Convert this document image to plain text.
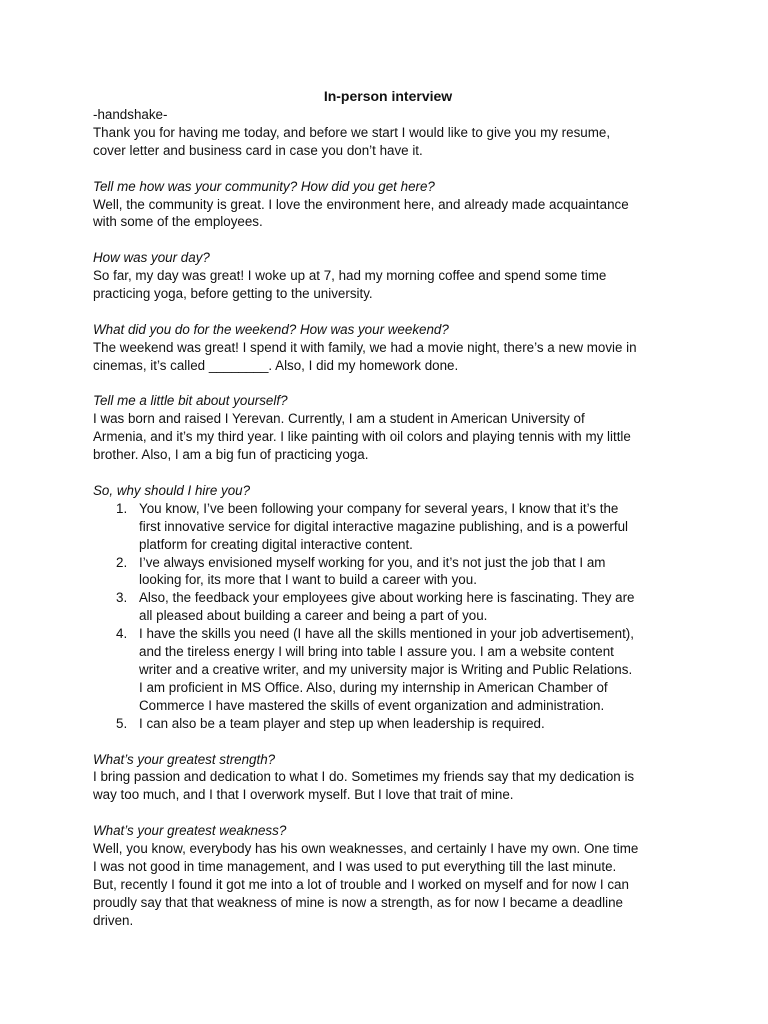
In-person interview

-handshake-

Thank you for having me today, and before we start I would like to give you my resume,
cover letter and business card in case you don’t have it.

Tell me how was your community? How did you get here?

Well, the community is great. I love the environment here, and already made acquaintance
with some of the employees.

How was your day?

So far, my day was great! I woke up at 7, had my morning coffee and spend some time
practicing yoga, before getting to the university.

What did you do for the weekend? How was your weekend?

The weekend was great! I spend it with family, we had a movie night, there’s a new movie in
cinemas, it’s called ________. Also, I did my homework done.

Tell me a little bit about yourself?

I was born and raised I Yerevan. Currently, I am a student in American University of
Armenia, and it’s my third year. I like painting with oil colors and playing tennis with my little
brother. Also, I am a big fun of practicing yoga.

So, why should I hire you?

1. You know, I’ve been following your company for several years, I know that it’s the
first innovative service for digital interactive magazine publishing, and is a powerful
platform for creating digital interactive content.

2. I’ve always envisioned myself working for you, and it’s not just the job that I am
looking for, its more that I want to build a career with you.

3. Also, the feedback your employees give about working here is fascinating. They are
all pleased about building a career and being a part of you.

4. I have the skills you need (I have all the skills mentioned in your job advertisement),
and the tireless energy I will bring into table I assure you. I am a website content
writer and a creative writer, and my university major is Writing and Public Relations.
I am proficient in MS Office. Also, during my internship in American Chamber of
Commerce I have mastered the skills of event organization and administration.

5. I can also be a team player and step up when leadership is required.

What’s your greatest strength?

I bring passion and dedication to what I do. Sometimes my friends say that my dedication is
way too much, and I that I overwork myself. But I love that trait of mine.

What’s your greatest weakness?

Well, you know, everybody has his own weaknesses, and certainly I have my own. One time
I was not good in time management, and I was used to put everything till the last minute.
But, recently I found it got me into a lot of trouble and I worked on myself and for now I can
proudly say that that weakness of mine is now a strength, as for now I became a deadline
driven.
